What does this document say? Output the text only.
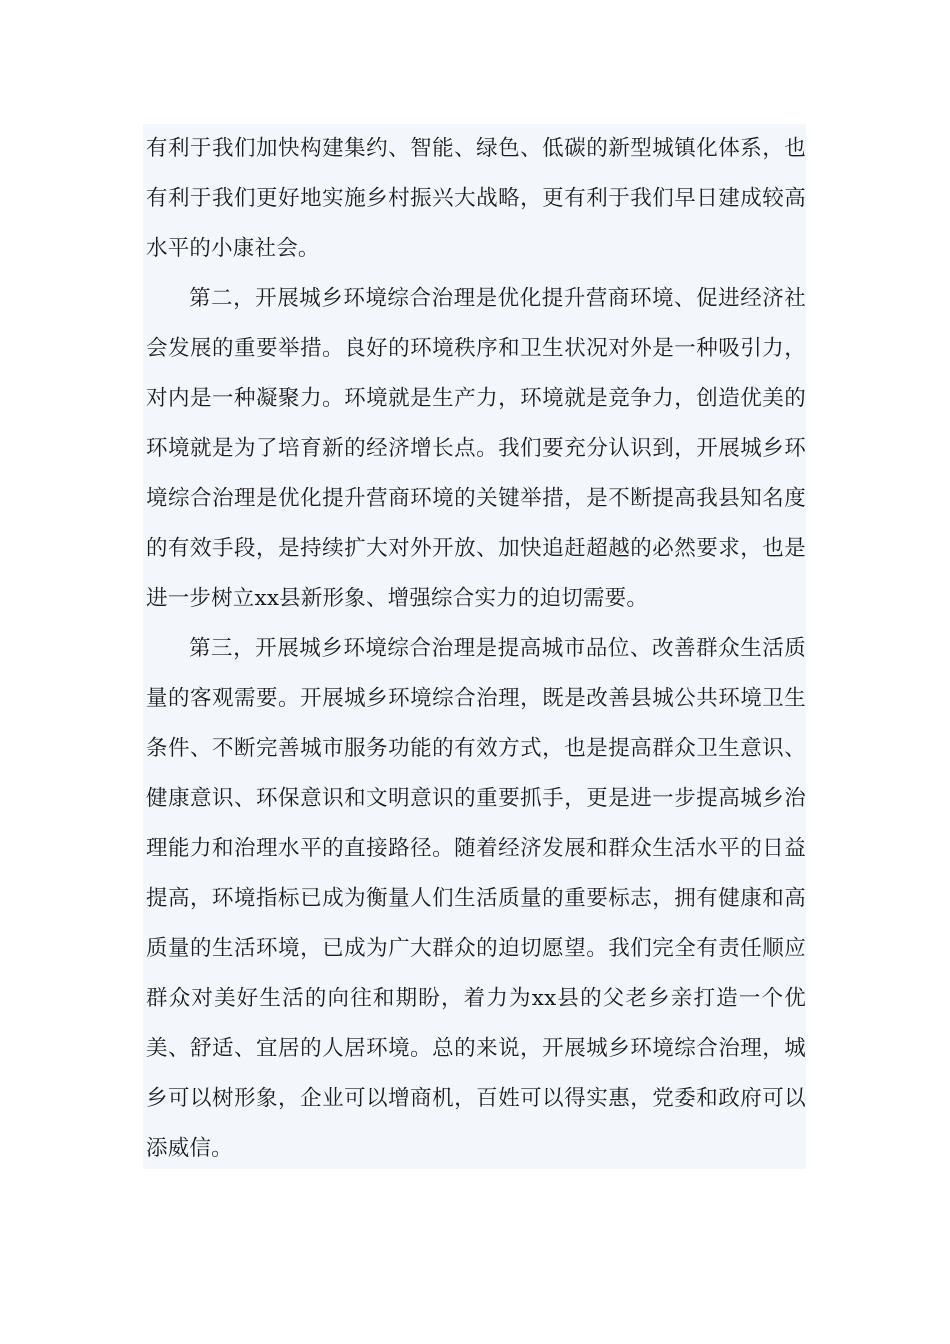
有利于我们加快构建集约、智能、绿色、低碳的新型城镇化体系，也有利于我们更好地实施乡村振兴大战略，更有利于我们早日建成较高水平的小康社会。

第二，开展城乡环境综合治理是优化提升营商环境、促进经济社会发展的重要举措。良好的环境秩序和卫生状况对外是一种吸引力，对内是一种凝聚力。环境就是生产力，环境就是竞争力，创造优美的环境就是为了培育新的经济增长点。我们要充分认识到，开展城乡环境综合治理是优化提升营商环境的关键举措，是不断提高我县知名度的有效手段，是持续扩大对外开放、加快追赶超越的必然要求，也是进一步树立xx县新形象、增强综合实力的迫切需要。

第三，开展城乡环境综合治理是提高城市品位、改善群众生活质量的客观需要。开展城乡环境综合治理，既是改善县城公共环境卫生条件、不断完善城市服务功能的有效方式，也是提高群众卫生意识、健康意识、环保意识和文明意识的重要抓手，更是进一步提高城乡治理能力和治理水平的直接路径。随着经济发展和群众生活水平的日益提高，环境指标已成为衡量人们生活质量的重要标志，拥有健康和高质量的生活环境，已成为广大群众的迫切愿望。我们完全有责任顺应群众对美好生活的向往和期盼，着力为xx县的父老乡亲打造一个优美、舒适、宜居的人居环境。总的来说，开展城乡环境综合治理，城乡可以树形象，企业可以增商机，百姓可以得实惠，党委和政府可以添威信。
